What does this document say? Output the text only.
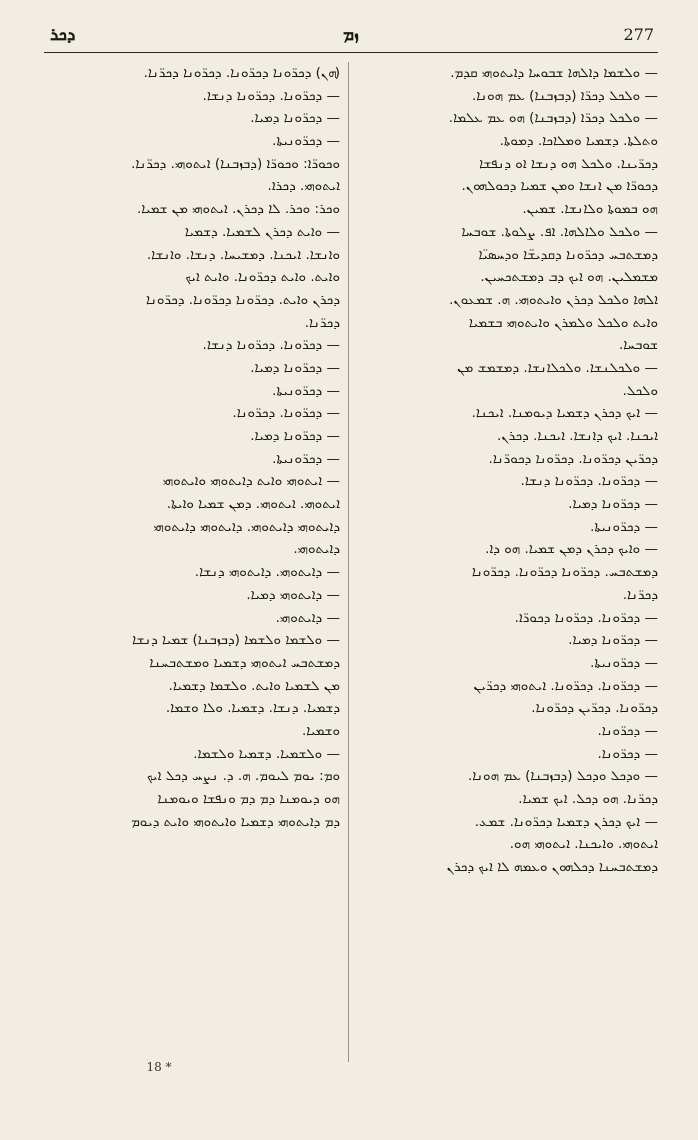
ܕܟܪ	ܙܡ	277
(ܗܢ) ܕܟܪ̈ܘܢܐ ܕܟܪ̈ܘܢܐ. ܕܟܪ̈ܘܢܐ ܕܟܪ̈ܢܐ.
— ܕܟܪ̈ܘܢܐ. ܕܟܪ̈ܘܢܐ ܕܢܫܐ.
— ܕܟܪ̈ܘܢܐ ܕܡܝܐ.
— ܕܟܪ̈ܘܢܝܬܐ.
ܘܟܘܪ̈ܐ: ܘܟܘܪ̈ܐ (ܕܒܙܒܢܐ) ܐܝܬܘܗܝ. ܕܟܪ̈ܢܐ.
ܐܝܬܘܗܝ. ܕܟܪܐ.
ܘܟܪ: ܘܟܪ. ܠܐ ܕܟܪܢ. ܐܝܬܘܗܝ ܡܢ ܫܡܝܐ.
— ܘܐܝܬ ܕܟܪܢ ܠܫܡܝܐ. ܕܫܡܝܐ
ܘܐܢܫܐ. ܐܝܟܢܐ. ܕܡܫܝܚܐ. ܕܢܫܐ. ܘܐܢܫܐ.
ܘܐܝܬ. ܘܐܝܬ ܕܟܪ̈ܘܢܐ. ܘܐܝܬ ܐܝܟ
ܕܟܪܢ ܘܐܝܬ. ܕܟܪ̈ܘܢܐ ܕܟܪ̈ܘܢܐ. ܕܟܪ̈ܘܢܐ
ܕܟܪ̈ܢܐ.
— ܕܟܪ̈ܘܢܐ. ܕܟܪ̈ܘܢܐ ܕܢܫܐ.
— ܕܟܪ̈ܘܢܐ ܕܡܝܐ.
— ܕܟܪ̈ܘܢܝܬܐ.
— ܕܟܪ̈ܘܢܐ. ܕܟܪ̈ܘܢܐ.
— ܕܟܪ̈ܘܢܐ ܕܡܝܐ.
— ܕܟܪ̈ܘܢܝܬܐ.
— ܐܝܬܘܗܝ ܘܐܝܬ ܕܐܝܬܘܗܝ ܘܐܝܬܘܗܝ
ܐܝܬܘܗܝ. ܐܝܬܘܗܝ. ܕܡܢ ܫܡܝܐ ܘܐܝܬܐ.
ܕܐܝܬܘܗܝ ܕܐܝܬܘܗܝ. ܕܐܝܬܘܗܝ ܕܐܝܬܘܗܝ
ܕܐܝܬܘܗܝ.
— ܕܐܝܬܘܗܝ. ܕܐܝܬܘܗܝ ܕܢܫܐ.
— ܕܐܝܬܘܗܝ ܕܡܝܐ.
— ܕܐܝܬܘܗܝ.
— ܘܠܫܡܐ ܘܠܫܡܐ (ܕܒܙܒܢܐ) ܫܡܝܐ ܕܢܫܐ
ܕܡܫܬܒܚ ܐܝܬܘܗܝ ܕܫܡܝܐ ܘܡܫܬܒܚܢܐ
ܡܢ ܠܫܡܝܐ ܘܐܝܬ. ܘܠܫܡܐ ܕܫܡܝܐ.
ܕܫܡܝܐ. ܕܢܫܐ. ܕܫܡܝܐ. ܘܠܐ ܘܫܡܐ.
ܘܫܡܝܐ.
— ܘܠܫܡܝܐ. ܕܫܡܝܐ ܘܠܫܡܐ.
ܘܡ: ܝܘܡ ܠܝܘܡ. ܗ. ܕ. ܢܨܚ ܕܟܠ ܐܝܟ
ܗܘ ܕܝܘܡܢܐ ܕܡ ܕܡ ܘܢܦܫܐ ܘܝܘܡܢܐ
ܕܡ ܕܐܝܬܘܗܝ ܕܫܡܝܐ ܘܐܝܬܘܗܝ ܘܐܝܬ ܕܝܘܡ
— ܘܠܫܡܐ ܕܐܠܗܐ ܫܒܘܚܐ ܕܐܝܬܘܗܝ ܩܕܡ.
— ܘܠܟܠ ܕܟܪ̈ܐ (ܕܒܙܒܢܐ) ܥܡ ܗܘܢܐ.
— ܘܠܟܠ ܕܟܪ̈ܐ (ܕܒܙܒܢܐ) ܗܘ ܥܡ ܥܠܡܐ.
ܘܬܠܬܐ. ܕܫܡܝܐ ܘܡܠܐܟܐ. ܕܡܘܬܐ.
ܕܟܪ̈ܝܢܐ. ܘܠܟܠ ܗܘ ܕܢܫܐ ܐܘ ܕܢܦܫܐ
ܕܟܘܪ̈ܐ ܡܢ ܐܢܫܐ ܘܡܢ ܫܡܝܐ ܕܟܘܠܗܘܢ.
ܗܘ ܒܡܘܬܐ ܘܠܐܢܫܐ. ܫܡܝܢ.
— ܘܠܟܠ ܘܠܐܠܗܐ. ܐܦ. ܨܠܘܬܐ. ܫܘܒܚܐ
ܕܡܫܬܒܚ ܕܟܪ̈ܘܢܐ ܕܩܕܝܫ̈ܐ ܘܕܚܣܝ̈ܐ
ܡܫܡܠܝܢ. ܗܘ ܐܝܟ ܕܒ ܕܡܫܬܟܚܝܢ.
ܐܠܗܐ ܘܠܟܠ ܕܟܪܢ ܘܐܝܬܘܗܝ. ܗ. ܫܡܥܘܢ.
ܘܐܝܬ ܘܠܟܠ ܘܠܡܪܢ ܘܐܝܬܘܗܝ ܒܫܡܝܐ
ܫܘܒܚܐ.
— ܘܠܟܠܢܫܐ. ܘܠܟܠܐܢܫܐ. ܕܡܫܡܫ ܡܢ
ܘܠܟܠ.
— ܐܝܟ ܕܟܪܢ ܕܫܡܝܐ ܕܝܘܡܢܐ. ܐܝܟܢܐ.
ܐܝܟܢܐ. ܐܝܟ ܕܐܢܫܐ. ܐܝܟܢܐ. ܕܟܪܢ.
ܕܟܪ̈ܝܢ ܕܟܪ̈ܘܢܐ. ܕܟܪ̈ܘܢܐ ܕܟܘܪ̈ܢܐ.
— ܕܟܪ̈ܘܢܐ. ܕܟܪ̈ܘܢܐ ܕܢܫܐ.
— ܕܟܪ̈ܘܢܐ ܕܡܝܐ.
— ܕܟܪ̈ܘܢܝܬܐ.
— ܘܐܝܟ ܕܟܪܢ ܕܡܢ ܫܡܝܐ. ܗܘ ܕܐ.
ܕܡܫܬܒܚ. ܕܟܪ̈ܘܢܐ ܕܟܪ̈ܘܢܐ. ܕܟܪ̈ܘܢܐ
ܕܟܪ̈ܢܐ.
— ܕܟܪ̈ܘܢܐ. ܕܟܪ̈ܘܢܐ ܕܟܘܪ̈ܐ.
— ܕܟܪ̈ܘܢܐ ܕܡܝܐ.
— ܕܟܪ̈ܘܢܝܬܐ.
— ܕܟܪ̈ܘܢܐ. ܕܟܪ̈ܘܢܐ. ܐܝܬܘܗܝ ܕܟܪ̈ܝܢ
ܕܟܪ̈ܘܢܐ. ܕܟܪ̈ܝܢ ܕܟܪ̈ܘܢܐ.
— ܕܟܪ̈ܘܢܐ.
— ܕܟܪ̈ܘܢܐ.
— ܘܕܟܠ ܘܕܟܠ (ܕܒܙܒܢܐ) ܥܡ ܗܘܢܐ.
ܕܟܪ̈ܢܐ. ܗܘ ܕܟܠ. ܐܝܟ ܫܡܝܐ.
— ܐܝܟ ܕܟܪܢ ܕܫܡܝܐ ܕܟܪ̈ܘܢܐ. ܫܡܥ.
ܐܝܬܘܗܝ. ܘܐܝܟܢܐ. ܐܝܬܘܗܝ ܗܘ.
ܕܡܫܬܒܚܢܐ ܕܟܠܗܘܢ ܘܥܡܗ ܠܐ ܐܝܟ ܕܟܪܢ
18 *
